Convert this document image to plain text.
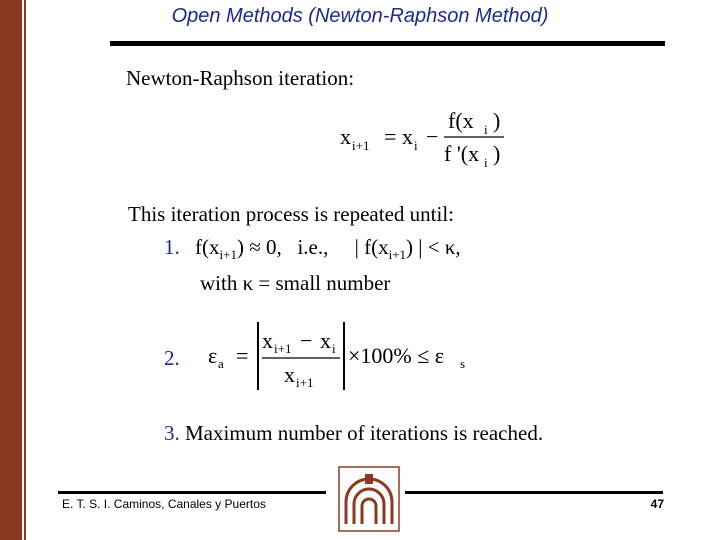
Open Methods (Newton-Raphson Method)
Newton-Raphson iteration:
x i+1 = x i −
f(x i )
f '(x i )
This iteration process is repeated until:
1. $f(x_{i+1}) \approx 0$,   i.e.,     | $f(x_{i+1})$ | < κ,
with κ = small number
2. ε a =
x i+1 − x i
x i+1
×100% ≤ ε s
3. Maximum number of iterations is reached.
E. T. S. I. Caminos, Canales y Puertos	47
